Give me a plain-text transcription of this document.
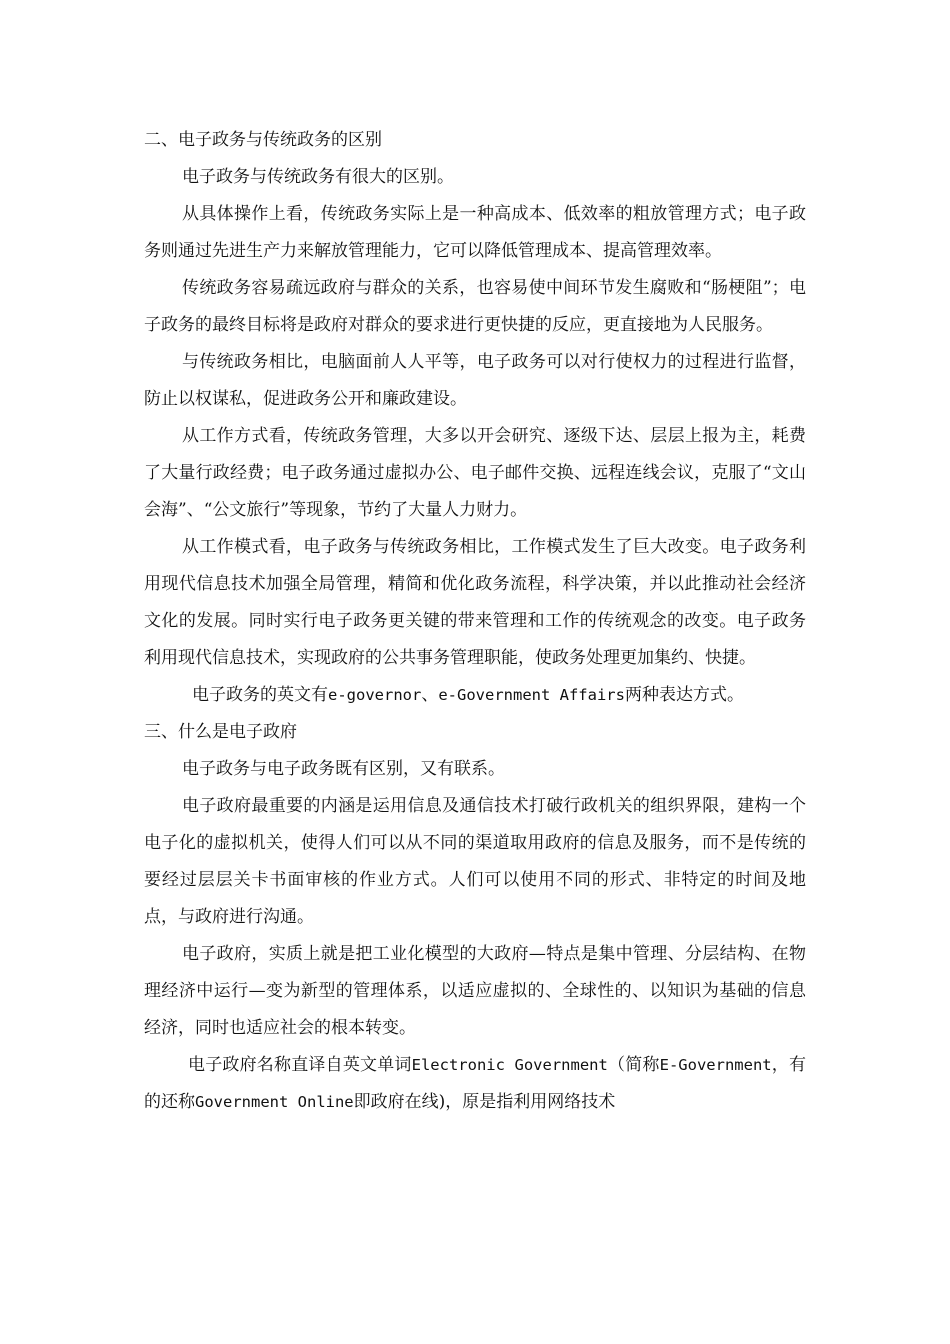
二、电子政务与传统政务的区别

电子政务与传统政务有很大的区别。

从具体操作上看，传统政务实际上是一种高成本、低效率的粗放管理方式；电子政务则通过先进生产力来解放管理能力，它可以降低管理成本、提高管理效率。

传统政务容易疏远政府与群众的关系，也容易使中间环节发生腐败和“肠梗阻”；电子政务的最终目标将是政府对群众的要求进行更快捷的反应，更直接地为人民服务。

与传统政务相比，电脑面前人人平等，电子政务可以对行使权力的过程进行监督，防止以权谋私，促进政务公开和廉政建设。

从工作方式看，传统政务管理，大多以开会研究、逐级下达、层层上报为主，耗费了大量行政经费；电子政务通过虚拟办公、电子邮件交换、远程连线会议，克服了“文山会海”、“公文旅行”等现象，节约了大量人力财力。

从工作模式看，电子政务与传统政务相比，工作模式发生了巨大改变。电子政务利用现代信息技术加强全局管理，精简和优化政务流程，科学决策，并以此推动社会经济文化的发展。同时实行电子政务更关键的带来管理和工作的传统观念的改变。电子政务利用现代信息技术，实现政府的公共事务管理职能，使政务处理更加集约、快捷。

电子政务的英文有e-governor、e-Government Affairs两种表达方式。

三、什么是电子政府

电子政务与电子政务既有区别，又有联系。

电子政府最重要的内涵是运用信息及通信技术打破行政机关的组织界限，建构一个电子化的虚拟机关，使得人们可以从不同的渠道取用政府的信息及服务，而不是传统的要经过层层关卡书面审核的作业方式。人们可以使用不同的形式、非特定的时间及地点，与政府进行沟通。

电子政府，实质上就是把工业化模型的大政府—特点是集中管理、分层结构、在物理经济中运行—变为新型的管理体系，以适应虚拟的、全球性的、以知识为基础的信息经济，同时也适应社会的根本转变。

电子政府名称直译自英文单词Electronic Government（简称E-Government，有的还称Government Online即政府在线)，原是指利用网络技术
